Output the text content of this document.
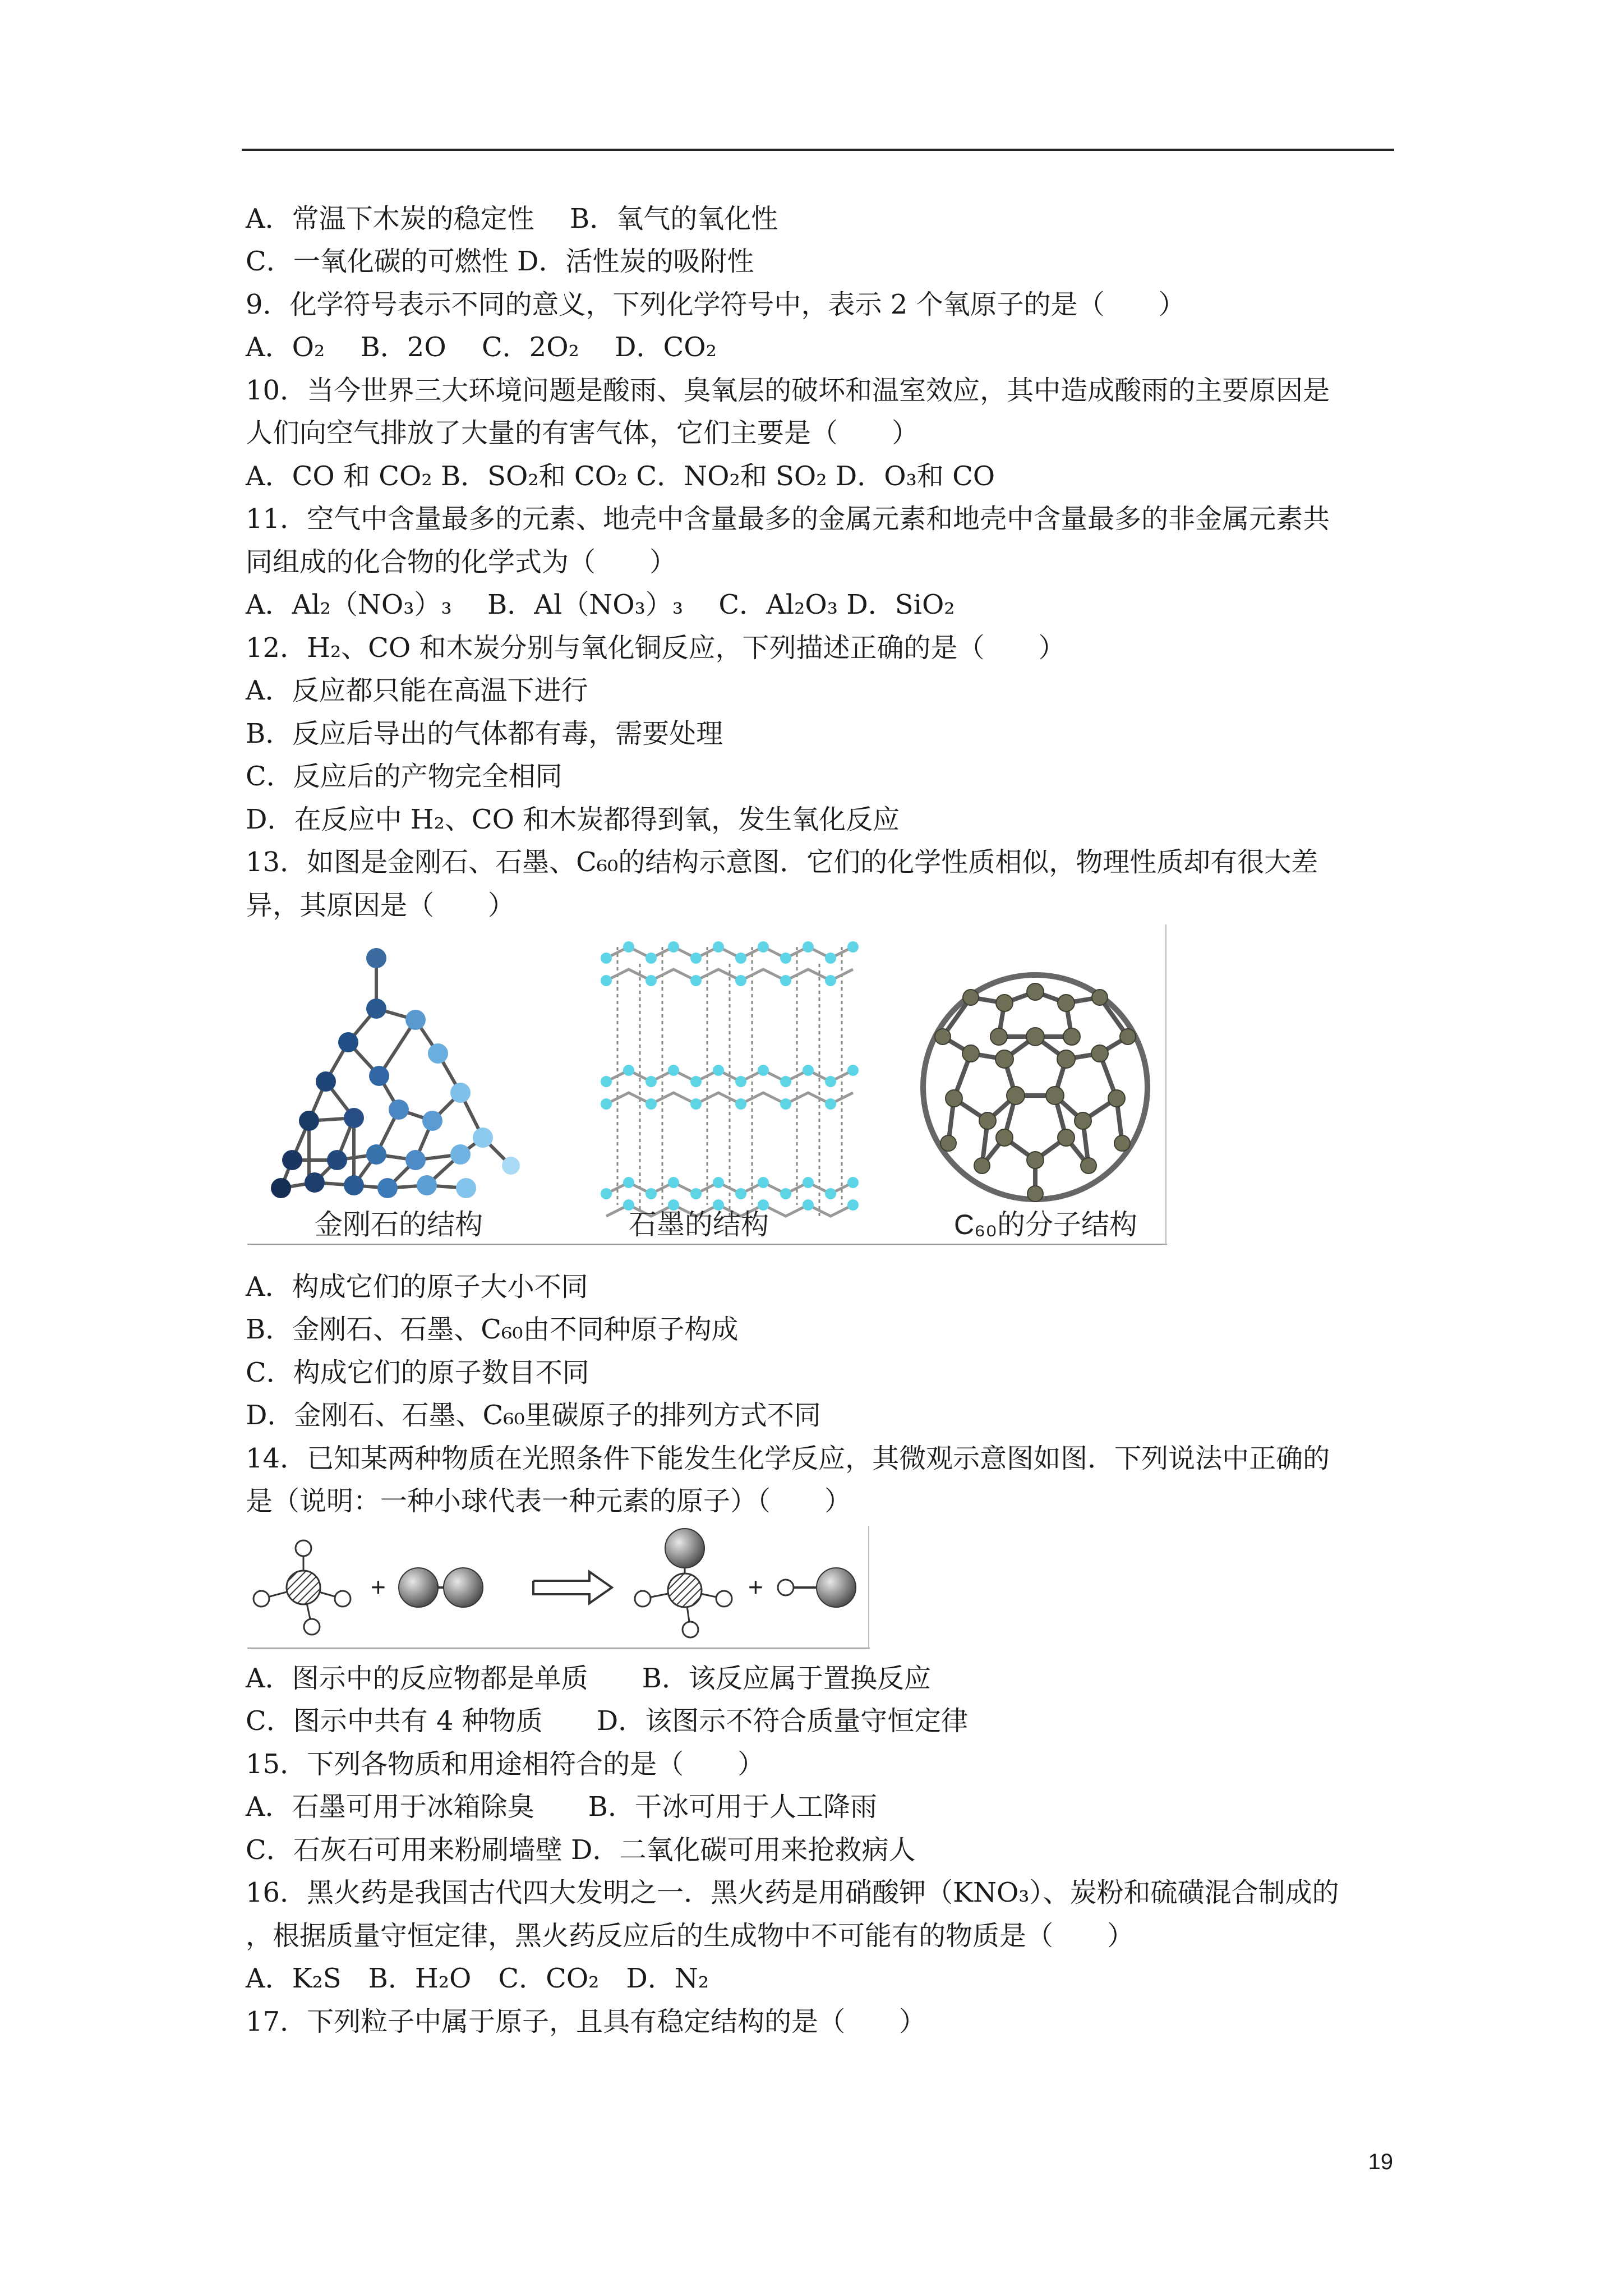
A．常温下木炭的稳定性　 B．氧气的氧化性
C．一氧化碳的可燃性 D．活性炭的吸附性
9．化学符号表示不同的意义，下列化学符号中，表示 2 个氧原子的是（　　）
A．O₂　 B．2O　 C．2O₂　 D．CO₂
10．当今世界三大环境问题是酸雨、臭氧层的破坏和温室效应，其中造成酸雨的主要原因是
人们向空气排放了大量的有害气体，它们主要是（　　）
A．CO 和 CO₂ B．SO₂和 CO₂ C．NO₂和 SO₂ D．O₃和 CO
11．空气中含量最多的元素、地壳中含量最多的金属元素和地壳中含量最多的非金属元素共
同组成的化合物的化学式为（　　）
A．Al₂（NO₃）₃　 B．Al（NO₃）₃　 C．Al₂O₃ D．SiO₂
12．H₂、CO 和木炭分别与氧化铜反应，下列描述正确的是（　　）
A．反应都只能在高温下进行
B．反应后导出的气体都有毒，需要处理
C．反应后的产物完全相同
D．在反应中 H₂、CO 和木炭都得到氧，发生氧化反应
13．如图是金刚石、石墨、C₆₀的结构示意图．它们的化学性质相似，物理性质却有很大差
异，其原因是（　　）
金刚石的结构	石墨的结构	C₆₀的分子结构
A．构成它们的原子大小不同
B．金刚石、石墨、C₆₀由不同种原子构成
C．构成它们的原子数目不同
D．金刚石、石墨、C₆₀里碳原子的排列方式不同
14．已知某两种物质在光照条件下能发生化学反应，其微观示意图如图．下列说法中正确的
是（说明：一种小球代表一种元素的原子）（　　）
+	+
A．图示中的反应物都是单质　　B．该反应属于置换反应
C．图示中共有 4 种物质　　D．该图示不符合质量守恒定律
15．下列各物质和用途相符合的是（　　）
A．石墨可用于冰箱除臭　　B．干冰可用于人工降雨
C．石灰石可用来粉刷墙壁 D．二氧化碳可用来抢救病人
16．黑火药是我国古代四大发明之一．黑火药是用硝酸钾（KNO₃）、炭粉和硫磺混合制成的
，根据质量守恒定律，黑火药反应后的生成物中不可能有的物质是（　　）
A．K₂S　B．H₂O　C．CO₂　D．N₂
17．下列粒子中属于原子，且具有稳定结构的是（　　）
19
